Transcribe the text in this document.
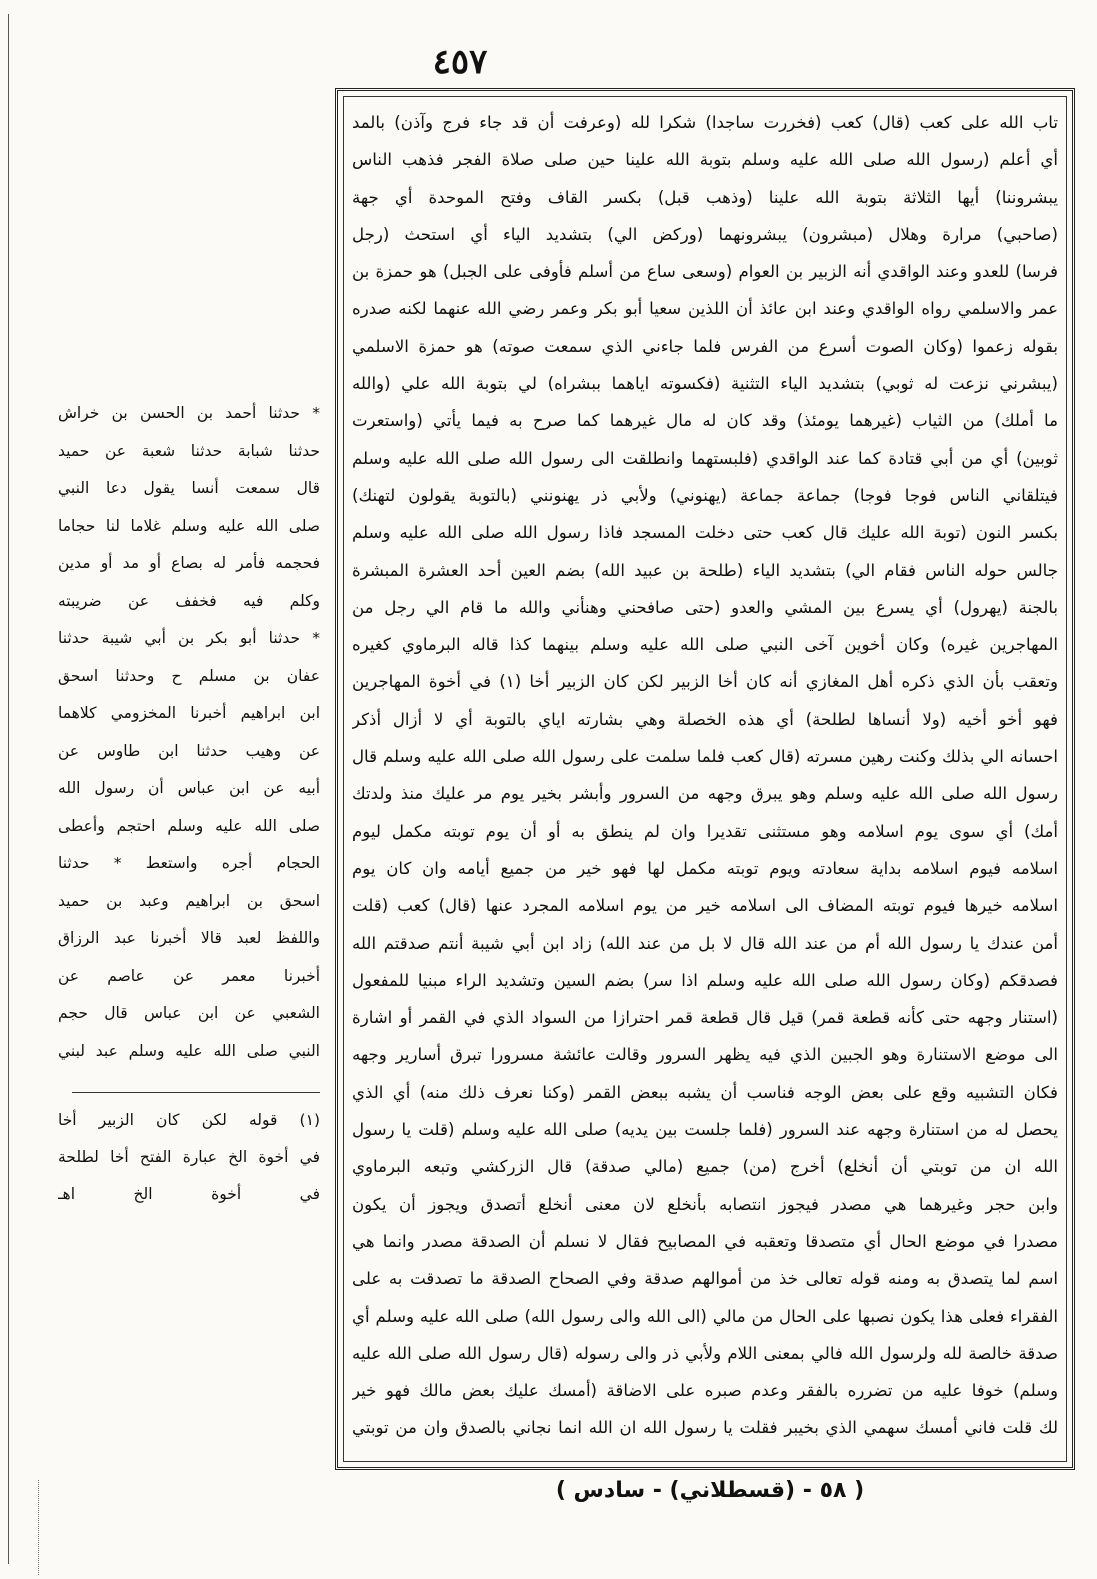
٤٥٧
تاب الله على كعب (قال) كعب (فخررت ساجدا) شكرا لله (وعرفت أن قد جاء فرج وآذن) بالمد
أي أعلم (رسول الله صلى الله عليه وسلم بتوبة الله علينا حين صلى صلاة الفجر فذهب الناس
يبشروننا) أيها الثلاثة بتوبة الله علينا (وذهب قبل) بكسر القاف وفتح الموحدة أي جهة
(صاحبي) مرارة وهلال (مبشرون) يبشرونهما (وركض الي) بتشديد الياء أي استحث (رجل
فرسا) للعدو وعند الواقدي أنه الزبير بن العوام (وسعى ساع من أسلم فأوفى على الجبل) هو حمزة بن
عمر والاسلمي رواه الواقدي وعند ابن عائذ أن اللذين سعيا أبو بكر وعمر رضي الله عنهما لكنه صدره
بقوله زعموا (وكان الصوت أسرع من الفرس فلما جاءني الذي سمعت صوته) هو حمزة الاسلمي
(يبشرني نزعت له ثوبي) بتشديد الياء التثنية (فكسوته اياهما ببشراه) لي بتوبة الله علي (والله
ما أملك) من الثياب (غيرهما يومئذ) وقد كان له مال غيرهما كما صرح به فيما يأتي (واستعرت
ثوبين) أي من أبي قتادة كما عند الواقدي (فلبستهما وانطلقت الى رسول الله صلى الله عليه وسلم
فيتلقاني الناس فوجا فوجا) جماعة جماعة (يهنوني) ولأبي ذر يهنونني (بالتوبة يقولون لتهنك)
بكسر النون (توبة الله عليك قال كعب حتى دخلت المسجد فاذا رسول الله صلى الله عليه وسلم
جالس حوله الناس فقام الي) بتشديد الياء (طلحة بن عبيد الله) بضم العين أحد العشرة المبشرة
بالجنة (يهرول) أي يسرع بين المشي والعدو (حتى صافحني وهنأني والله ما قام الي رجل من
المهاجرين غيره) وكان أخوين آخى النبي صلى الله عليه وسلم بينهما كذا قاله البرماوي كغيره
وتعقب بأن الذي ذكره أهل المغازي أنه كان أخا الزبير لكن كان الزبير أخا (١) في أخوة المهاجرين
فهو أخو أخيه (ولا أنساها لطلحة) أي هذه الخصلة وهي بشارته اياي بالتوبة أي لا أزال أذكر
احسانه الي بذلك وكنت رهين مسرته (قال كعب فلما سلمت على رسول الله صلى الله عليه وسلم قال
رسول الله صلى الله عليه وسلم وهو يبرق وجهه من السرور وأبشر بخير يوم مر عليك منذ ولدتك
أمك) أي سوى يوم اسلامه وهو مستثنى تقديرا وان لم ينطق به أو أن يوم توبته مكمل ليوم
اسلامه فيوم اسلامه بداية سعادته ويوم توبته مكمل لها فهو خير من جميع أيامه وان كان يوم
اسلامه خيرها فيوم توبته المضاف الى اسلامه خير من يوم اسلامه المجرد عنها (قال) كعب (قلت
أمن عندك يا رسول الله أم من عند الله قال لا بل من عند الله) زاد ابن أبي شيبة أنتم صدقتم الله
فصدقكم (وكان رسول الله صلى الله عليه وسلم اذا سر) بضم السين وتشديد الراء مبنيا للمفعول
(استنار وجهه حتى كأنه قطعة قمر) قيل قال قطعة قمر احترازا من السواد الذي في القمر أو اشارة
الى موضع الاستنارة وهو الجبين الذي فيه يظهر السرور وقالت عائشة مسرورا تبرق أسارير وجهه
فكان التشبيه وقع على بعض الوجه فناسب أن يشبه ببعض القمر (وكنا نعرف ذلك منه) أي الذي
يحصل له من استنارة وجهه عند السرور (فلما جلست بين يديه) صلى الله عليه وسلم (قلت يا رسول
الله ان من توبتي أن أنخلع) أخرج (من) جميع (مالي صدقة) قال الزركشي وتبعه البرماوي
وابن حجر وغيرهما هي مصدر فيجوز انتصابه بأنخلع لان معنى أنخلع أتصدق ويجوز أن يكون
مصدرا في موضع الحال أي متصدقا وتعقبه في المصابيح فقال لا نسلم أن الصدقة مصدر وانما هي
اسم لما يتصدق به ومنه قوله تعالى خذ من أموالهم صدقة وفي الصحاح الصدقة ما تصدقت به على
الفقراء فعلى هذا يكون نصبها على الحال من مالي (الى الله والى رسول الله) صلى الله عليه وسلم أي
صدقة خالصة لله ولرسول الله فالي بمعنى اللام ولأبي ذر والى رسوله (قال رسول الله صلى الله عليه
وسلم) خوفا عليه من تضرره بالفقر وعدم صبره على الاضاقة (أمسك عليك بعض مالك فهو خير
لك قلت فاني أمسك سهمي الذي بخيبر فقلت يا رسول الله ان الله انما نجاني بالصدق وان من توبتي
* حدثنا أحمد بن الحسن بن خراش
حدثنا شبابة حدثنا شعبة عن حميد
قال سمعت أنسا يقول دعا النبي
صلى الله عليه وسلم غلاما لنا حجاما
فحجمه فأمر له بصاع أو مد أو مدين
وكلم فيه فخفف عن ضريبته
* حدثنا أبو بكر بن أبي شيبة حدثنا
عفان بن مسلم ح وحدثنا اسحق
ابن ابراهيم أخبرنا المخزومي كلاهما
عن وهيب حدثنا ابن طاوس عن
أبيه عن ابن عباس أن رسول الله
صلى الله عليه وسلم احتجم وأعطى
الحجام أجره واستعط * حدثنا
اسحق بن ابراهيم وعبد بن حميد
واللفظ لعبد قالا أخبرنا عبد الرزاق
أخبرنا معمر عن عاصم عن
الشعبي عن ابن عباس قال حجم
النبي صلى الله عليه وسلم عبد لبني
(١) قوله لكن كان الزبير أخا
في أخوة الخ عبارة الفتح أخا لطلحة
في أخوة الخ اهـ
( ٥٨ - (قسطلاني) - سادس )
